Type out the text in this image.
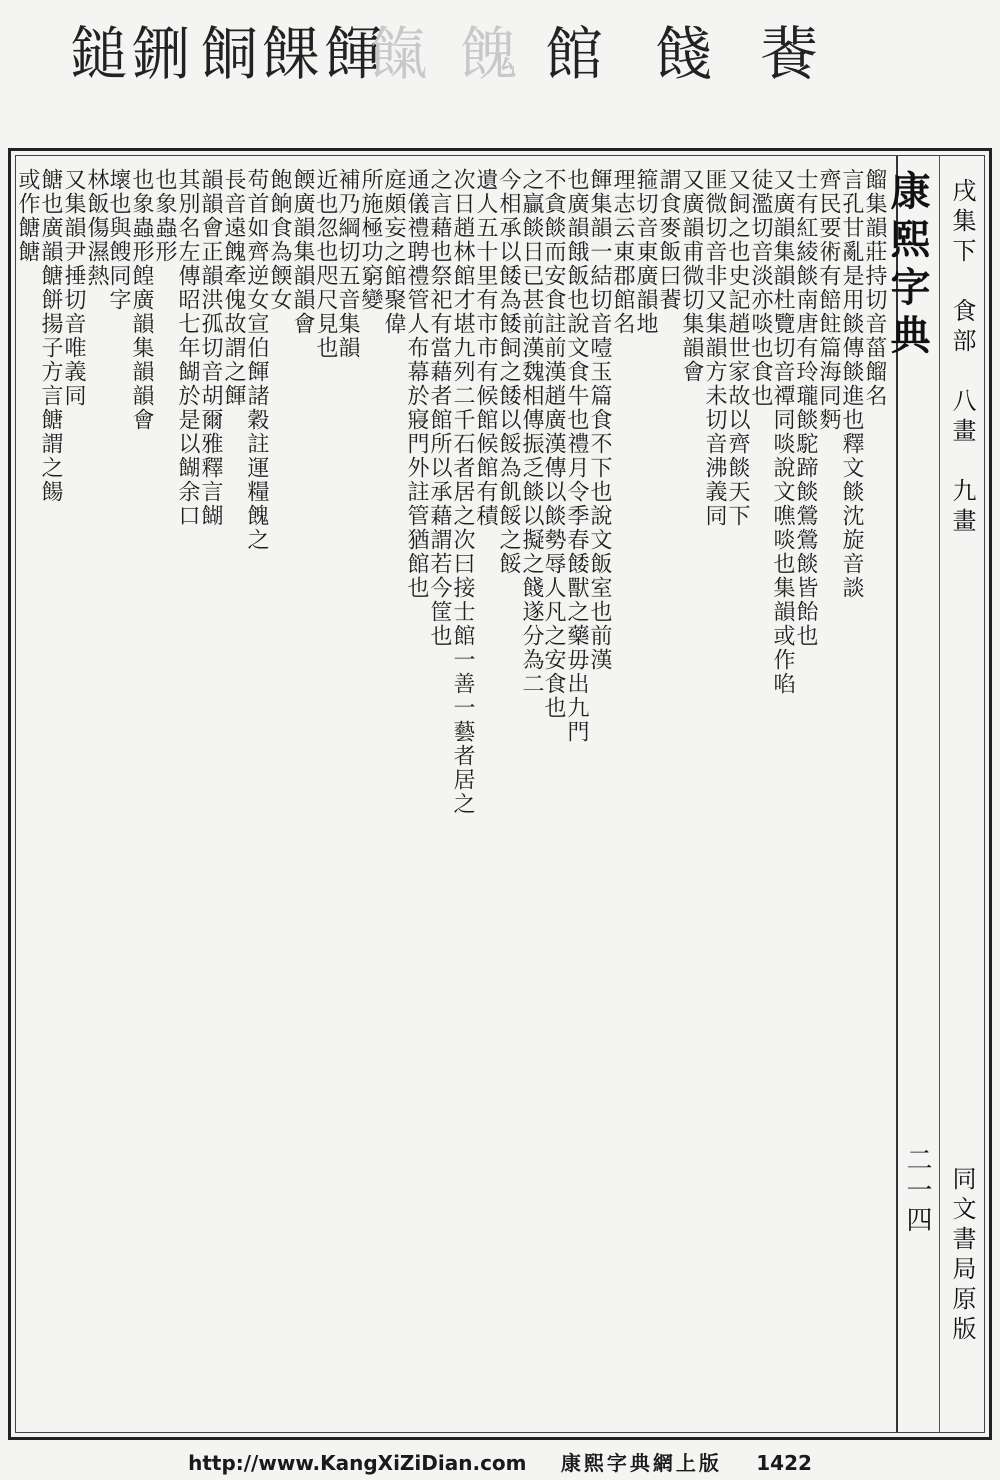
鎚鉶 餇餜餫
餼 餽 館 餞 餥
餾集韻莊持切音菑餾名
言孔甘亂是用餤傳餤進也釋文餤沈旋音談
齊民要術有餢飳篇海同麪
士有紅綾餤南唐有玲瓏餤駝蹄餤鶯鶯餤皆飴也
又廣韻集韻杜覽切音禫同啖說文噍啖也集韻或作啗
徒濫切音淡亦啖也食也
又飼之也史記趙世家故以齊餤天下
匪微切音非又集韻方未切音沸義同
又廣韻甫微切集韻會
謂食麥飯曰餥
箍切音東廣韻地
理志云東郡館名
餫集韻一結切音噎玉篇食不下也說文飯室也前漢
也廣韻餓飯也說文食牛也禮月令季春餧獸之藥毋出九門
不貪餤而安食註前漢趙廣漢傳以餤勢辱人凡之安食也
之贏餤日已甚前漢魏相傳振乏餤以擬之餞遂分為二
今相承以餧為餧飼之餧以餒為飢餒之餒
遺人五十里有市市有候館候館有積
次日趙林館才堪九列二千石者居之次曰接士館一善一藝者居之
之言藉也祭祀有當藉者館所以承藉謂若今筐也
通儀禮聘禮管人布幕於寢門外註管猶館也
庭頗妄之館聚偉
所施極功窮變
補乃綱切五音集韻
近也忽也咫尺見也
餪廣韻集韻韻會
飽餉食為餪女
苟首如齊逆女宣伯餫諸穀註運糧餽之
長音遠餽牽傀故謂之餫
韻韻會正韻洪孤切音胡爾雅釋言餬
其別名左傳昭七年餬於是以餬余口
也象蟲形
也象蟲形餭廣韻集韻韻會
壞也與餿同字
林飯傷濕熱
又集韻尹捶切音唯義同
餹也廣韻餹餅揚子方言餹謂之餳
或作餹餹	康熙字典 戌集下　食部　八畫　九畫
二一四 同文書局原版
http://www.KangXiZiDian.com 康熙字典網上版 1422
